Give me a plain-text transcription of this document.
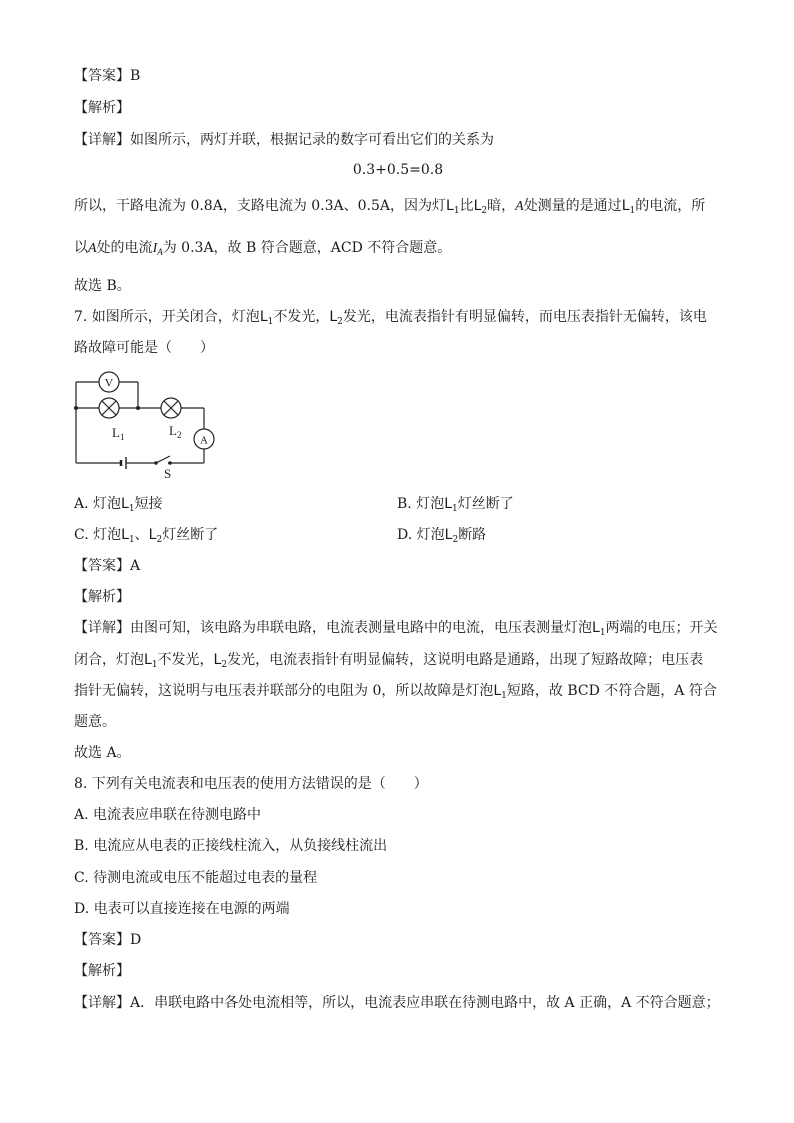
【答案】B
【解析】
【详解】如图所示，两灯并联，根据记录的数字可看出它们的关系为
0.3+0.5=0.8
所以，干路电流为 0.8A，支路电流为 0.3A、0.5A，因为灯$L_1$比$L_2$暗，A处测量的是通过$L_1$的电流，所
以A处的电流$I_A$为 0.3A，故 B 符合题意，ACD 不符合题意。
故选 B。
7. 如图所示，开关闭合，灯泡$L_1$不发光，$L_2$发光，电流表指针有明显偏转，而电压表指针无偏转，该电
路故障可能是（　　）
V
A
$L_1$	$L_2$
S
A. 灯泡$L_1$短接	B. 灯泡$L_1$灯丝断了
C. 灯泡$L_1$、$L_2$灯丝断了	D. 灯泡$L_2$断路
【答案】A
【解析】
【详解】由图可知，该电路为串联电路，电流表测量电路中的电流，电压表测量灯泡$L_1$两端的电压；开关
闭合，灯泡$L_1$不发光，$L_2$发光，电流表指针有明显偏转，这说明电路是通路，出现了短路故障；电压表
指针无偏转，这说明与电压表并联部分的电阻为 0，所以故障是灯泡$L_1$短路，故 BCD 不符合题，A 符合
题意。
故选 A。
8. 下列有关电流表和电压表的使用方法错误的是（　　）
A. 电流表应串联在待测电路中
B. 电流应从电表的正接线柱流入，从负接线柱流出
C. 待测电流或电压不能超过电表的量程
D. 电表可以直接连接在电源的两端
【答案】D
【解析】
【详解】A．串联电路中各处电流相等，所以，电流表应串联在待测电路中，故 A 正确，A 不符合题意；
